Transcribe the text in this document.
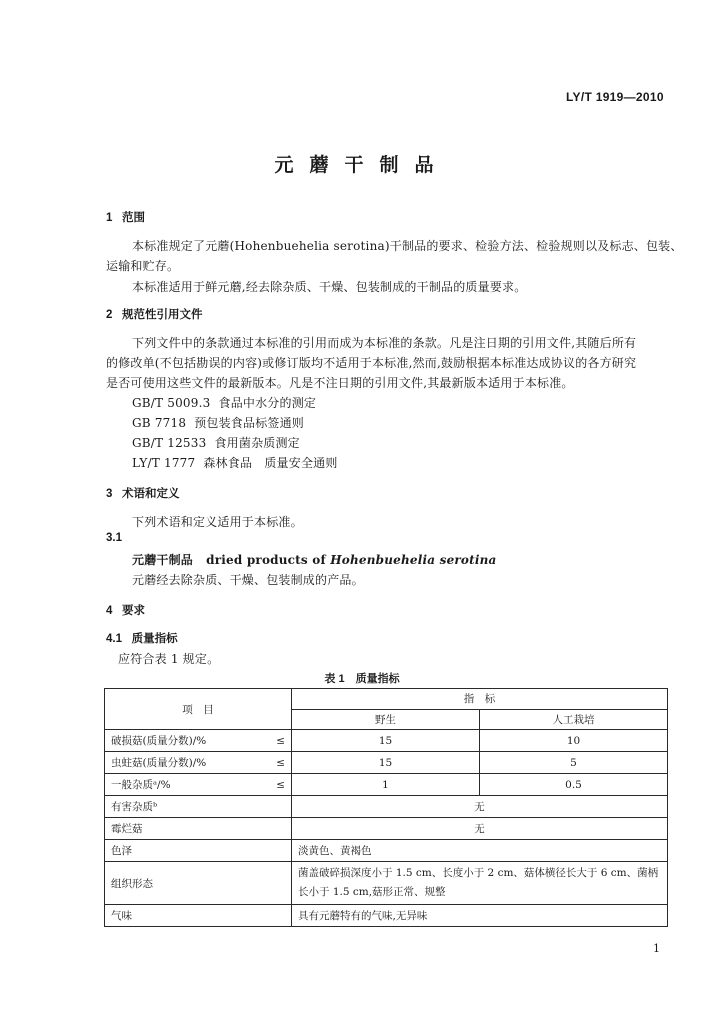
LY/T 1919—2010
元蘑干制品
1 范围
本标准规定了元蘑(Hohenbuehelia serotina)干制品的要求、检验方法、检验规则以及标志、包装、
运输和贮存。
本标准适用于鲜元蘑,经去除杂质、干燥、包装制成的干制品的质量要求。
2 规范性引用文件
下列文件中的条款通过本标准的引用而成为本标准的条款。凡是注日期的引用文件,其随后所有
的修改单(不包括勘误的内容)或修订版均不适用于本标准,然而,鼓励根据本标准达成协议的各方研究
是否可使用这些文件的最新版本。凡是不注日期的引用文件,其最新版本适用于本标准。
GB/T 5009.3 食品中水分的测定
GB 7718 预包装食品标签通则
GB/T 12533 食用菌杂质测定
LY/T 1777 森林食品　质量安全通则
3 术语和定义
下列术语和定义适用于本标准。
3.1
元蘑干制品 dried products of Hohenbuehelia serotina
元蘑经去除杂质、干燥、包装制成的产品。
4 要求
4.1 质量指标
应符合表 1 规定。
表 1　质量指标
项　目	指　标	
	野生	人工栽培

破损菇(质量分数)/% ≤	15	10

虫蛀菇(质量分数)/% ≤	15	5

一般杂质ᵃ/% ≤	1	0.5
有害杂质ᵇ	无	
霉烂菇	无	
色泽	淡黄色、黄褐色	
组织形态	菌盖破碎损深度小于 1.5 cm、长度小于 2 cm、菇体横径长大于 6 cm、菌柄长小于 1.5 cm,菇形正常、规整	
气味	具有元蘑特有的气味,无异味	
1
